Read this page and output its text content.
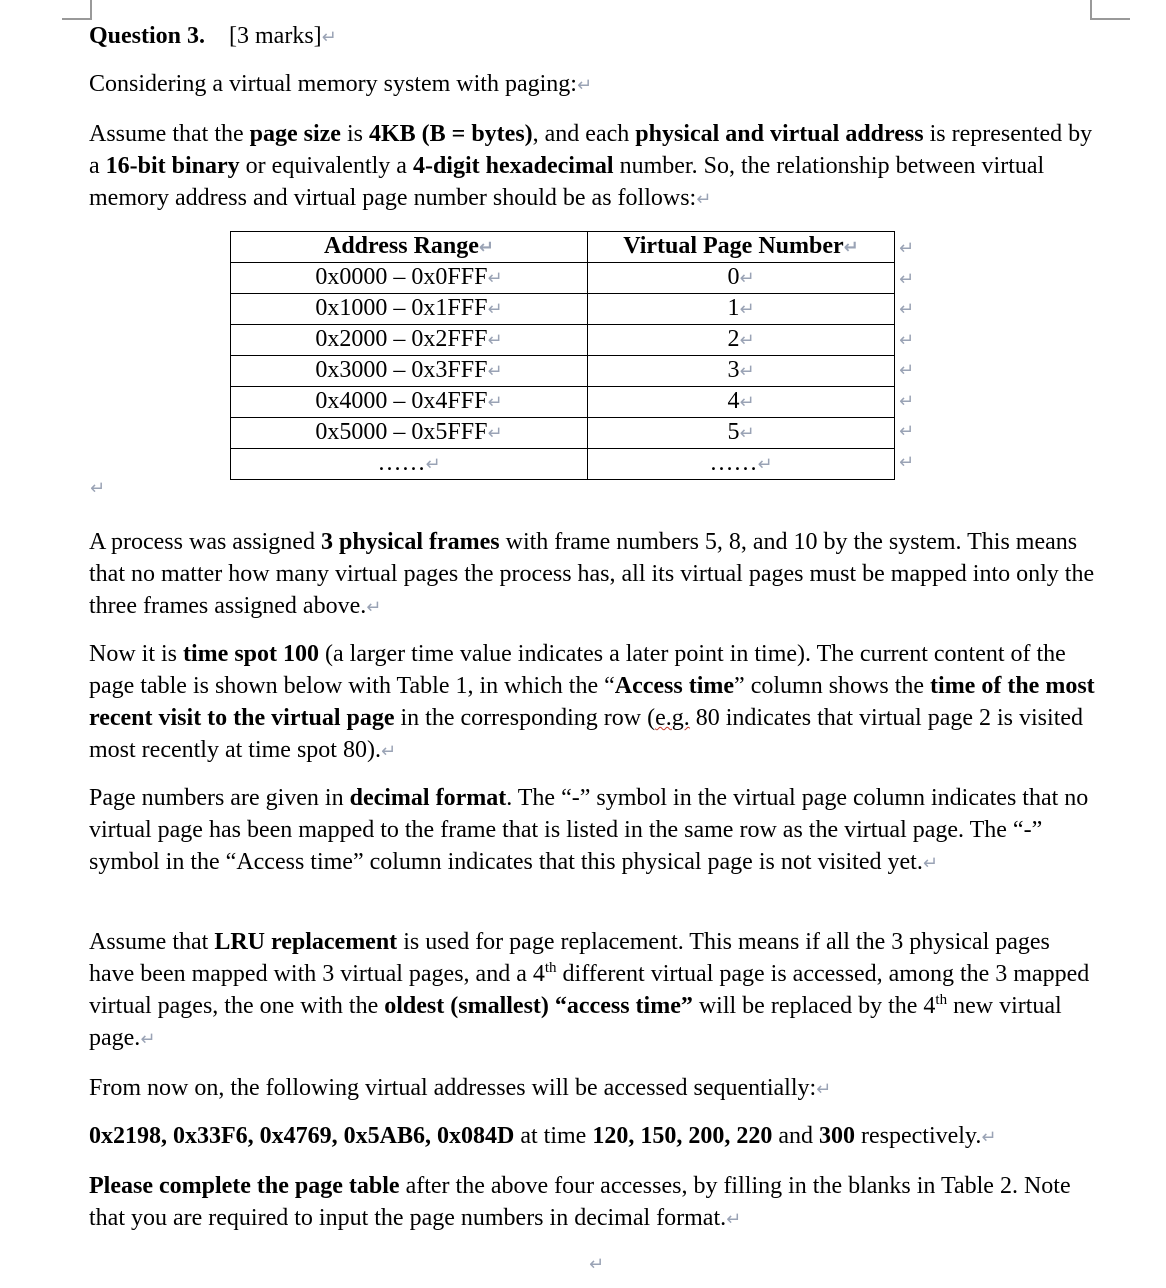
Question 3. [3 marks]↵

Considering a virtual memory system with paging:↵

Assume that the page size is 4KB (B = bytes), and each physical and virtual address is represented by a 16-bit binary or equivalently a 4-digit hexadecimal number. So, the relationship between virtual memory address and virtual page number should be as follows:↵

Address Range↵	Virtual Page Number↵
0x0000 – 0x0FFF↵	0↵
0x1000 – 0x1FFF↵	1↵
0x2000 – 0x2FFF↵	2↵
0x3000 – 0x3FFF↵	3↵
0x4000 – 0x4FFF↵	4↵
0x5000 – 0x5FFF↵	5↵
……↵	……↵
↵
↵
↵
↵
↵
↵
↵
↵
↵

A process was assigned 3 physical frames with frame numbers 5, 8, and 10 by the system. This means that no matter how many virtual pages the process has, all its virtual pages must be mapped into only the three frames assigned above.↵

Now it is time spot 100 (a larger time value indicates a later point in time). The current content of the page table is shown below with Table 1, in which the “Access time” column shows the time of the most recent visit to the virtual page in the corresponding row (e.g. 80 indicates that virtual page 2 is visited most recently at time spot 80).↵

Page numbers are given in decimal format. The “-” symbol in the virtual page column indicates that no virtual page has been mapped to the frame that is listed in the same row as the virtual page. The “-” symbol in the “Access time” column indicates that this physical page is not visited yet.↵

Assume that LRU replacement is used for page replacement. This means if all the 3 physical pages have been mapped with 3 virtual pages, and a 4th different virtual page is accessed, among the 3 mapped virtual pages, the one with the oldest (smallest) “access time” will be replaced by the 4th new virtual page.↵

From now on, the following virtual addresses will be accessed sequentially:↵

0x2198, 0x33F6, 0x4769, 0x5AB6, 0x084D at time 120, 150, 200, 220 and 300 respectively.↵

Please complete the page table after the above four accesses, by filling in the blanks in Table 2. Note that you are required to input the page numbers in decimal format.↵

↵
